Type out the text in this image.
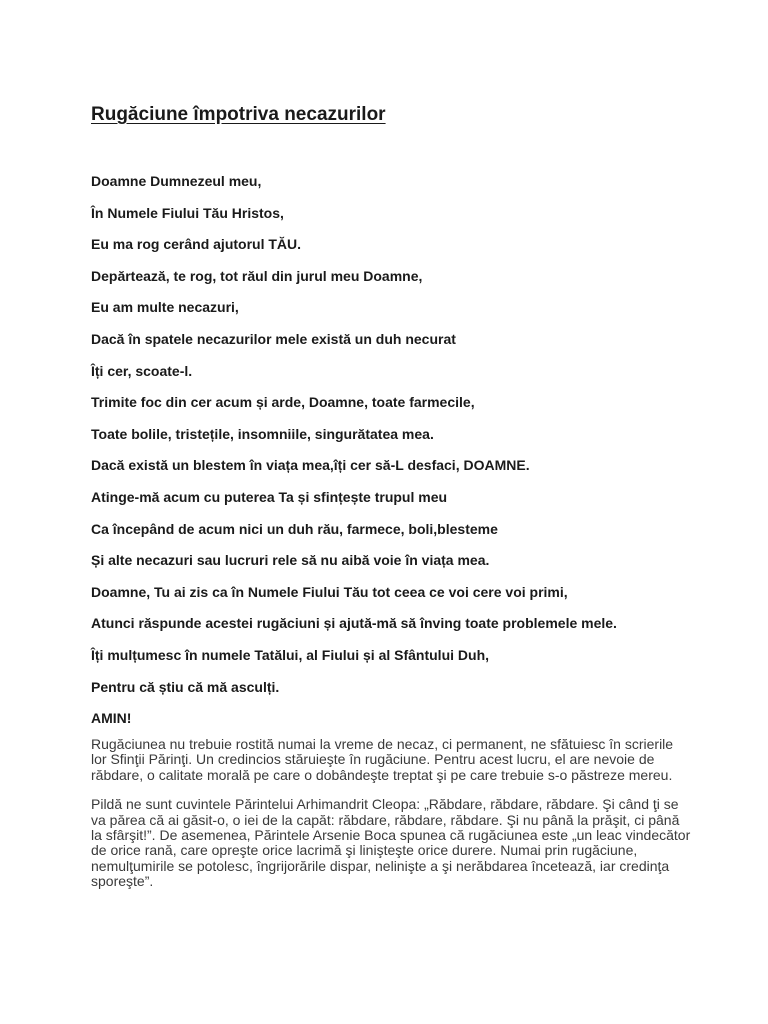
Rugăciune împotriva necazurilor
Doamne Dumnezeul meu,
În Numele Fiului Tău Hristos,
Eu ma rog cerând ajutorul TĂU.
Depărtează, te rog, tot răul din jurul meu Doamne,
Eu am multe necazuri,
Dacă în spatele necazurilor mele există un duh necurat
Îți cer, scoate-l.
Trimite foc din cer acum și arde, Doamne, toate farmecile,
Toate bolile, tristețile, insomniile, singurătatea mea.
Dacă există un blestem în viața mea,îți cer să-L desfaci, DOAMNE.
Atinge-mă acum cu puterea Ta și sfințește trupul meu
Ca începând de acum nici un duh rău, farmece, boli,blesteme
Și alte necazuri sau lucruri rele să nu aibă voie în viața mea.
Doamne, Tu ai zis ca în Numele Fiului Tău tot ceea ce voi cere voi primi,
Atunci răspunde acestei rugăciuni și ajută-mă să înving toate problemele mele.
Îți mulțumesc în numele Tatălui, al Fiului și al Sfântului Duh,
Pentru că știu că mă asculți.
AMIN!

Rugăciunea nu trebuie rostită numai la vreme de necaz, ci permanent, ne sfătuiesc în scrierile lor Sfinţii Părinţi. Un credincios stăruieşte în rugăciune. Pentru acest lucru, el are nevoie de răbdare, o calitate morală pe care o dobândeşte treptat şi pe care trebuie s-o păstreze mereu.

Pildă ne sunt cuvintele Părintelui Arhimandrit Cleopa: „Răbdare, răbdare, răbdare. Şi când ţi se va părea că ai găsit-o, o iei de la capăt: răbdare, răbdare, răbdare. Şi nu până la prăşit, ci până la sfârşit!”. De asemenea, Părintele Arsenie Boca spunea că rugăciunea este „un leac vindecător de orice rană, care opreşte orice lacrimă şi linişteşte orice durere. Numai prin rugăciune, nemulţumirile se potolesc, îngrijorările dispar, nelinişte a şi nerăbdarea încetează, iar credinţa sporeşte”.
